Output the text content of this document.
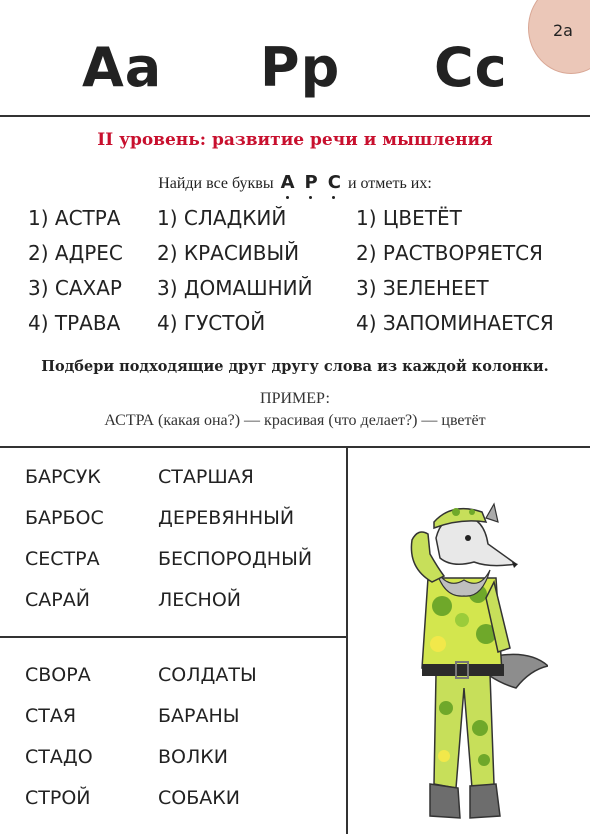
2а
Аа Рр Сс
II уровень: развитие речи и мышления
Найди все буквы А Р С и отметь их:
1) АСТРА
2) АДРЕС
3) САХАР
4) ТРАВА
1) СЛАДКИЙ
2) КРАСИВЫЙ
3) ДОМАШНИЙ
4) ГУСТОЙ
1) ЦВЕТЁТ
2) РАСТВОРЯЕТСЯ
3) ЗЕЛЕНЕЕТ
4) ЗАПОМИНАЕТСЯ
Подбери подходящие друг другу слова из каждой колонки.
ПРИМЕР:
АСТРА (какая она?) — красивая (что делает?) — цветёт
БАРСУК
БАРБОС
СЕСТРА
САРАЙ
СТАРШАЯ
ДЕРЕВЯННЫЙ
БЕСПОРОДНЫЙ
ЛЕСНОЙ
СВОРА
СТАЯ
СТАДО
СТРОЙ
СОЛДАТЫ
БАРАНЫ
ВОЛКИ
СОБАКИ
